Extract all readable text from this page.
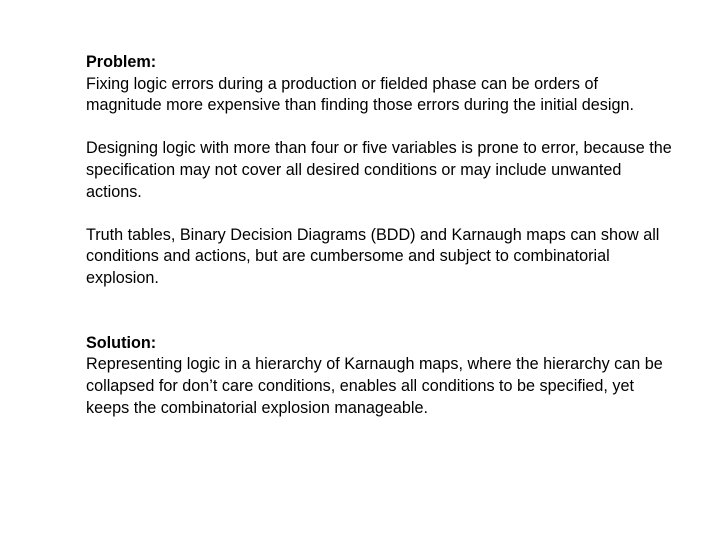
Problem:

Fixing logic errors during a production or fielded phase can be orders of magnitude more expensive than finding those errors during the initial design.

Designing logic with more than four or five variables is prone to error, because the specification may not cover all desired conditions or may include unwanted actions.

Truth tables, Binary Decision Diagrams (BDD) and Karnaugh maps can show all conditions and actions, but are cumbersome and subject to combinatorial explosion.

Solution:

Representing logic in a hierarchy of Karnaugh maps, where the hierarchy can be collapsed for don’t care conditions, enables all conditions to be specified, yet keeps the combinatorial explosion manageable.
